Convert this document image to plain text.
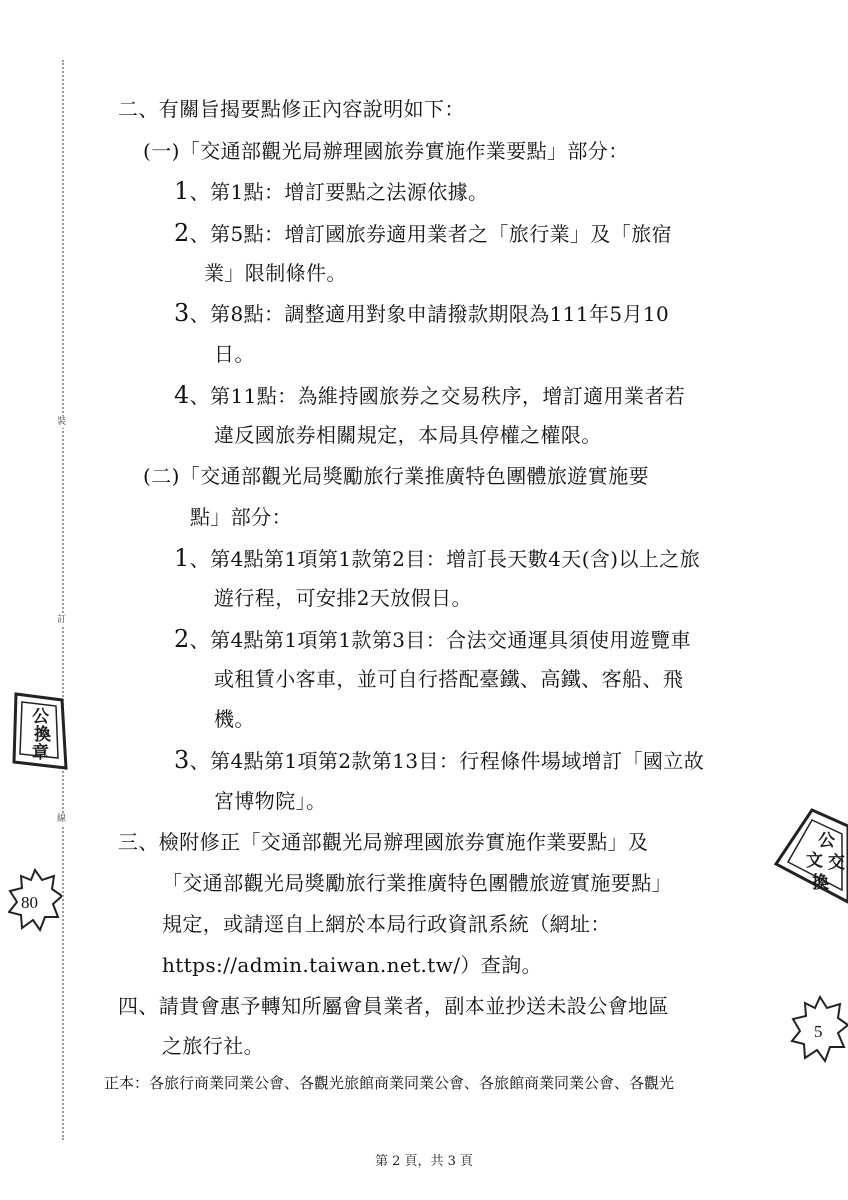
裝
訂
線
二、有關旨揭要點修正內容說明如下：
(一)「交通部觀光局辦理國旅券實施作業要點」部分：
1、第1點：增訂要點之法源依據。
2、第5點：增訂國旅券適用業者之「旅行業」及「旅宿
業」限制條件。
3、第8點：調整適用對象申請撥款期限為111年5月10
日。
4、第11點：為維持國旅券之交易秩序，增訂適用業者若
違反國旅券相關規定，本局具停權之權限。
(二)「交通部觀光局獎勵旅行業推廣特色團體旅遊實施要
點」部分：
1、第4點第1項第1款第2目：增訂長天數4天(含)以上之旅
遊行程，可安排2天放假日。
2、第4點第1項第1款第3目：合法交通運具須使用遊覽車
或租賃小客車，並可自行搭配臺鐵、高鐵、客船、飛
機。
3、第4點第1項第2款第13目：行程條件場域增訂「國立故
宮博物院」。
三、檢附修正「交通部觀光局辦理國旅券實施作業要點」及
「交通部觀光局獎勵旅行業推廣特色團體旅遊實施要點」
規定，或請逕自上網於本局行政資訊系統（網址：
https://admin.taiwan.net.tw/）查詢。
四、請貴會惠予轉知所屬會員業者，副本並抄送未設公會地區
之旅行社。
正本：各旅行商業同業公會、各觀光旅館商業同業公會、各旅館商業同業公會、各觀光
第 2 頁，共 3 頁
公
換
章
80
公
文 交
換
5
